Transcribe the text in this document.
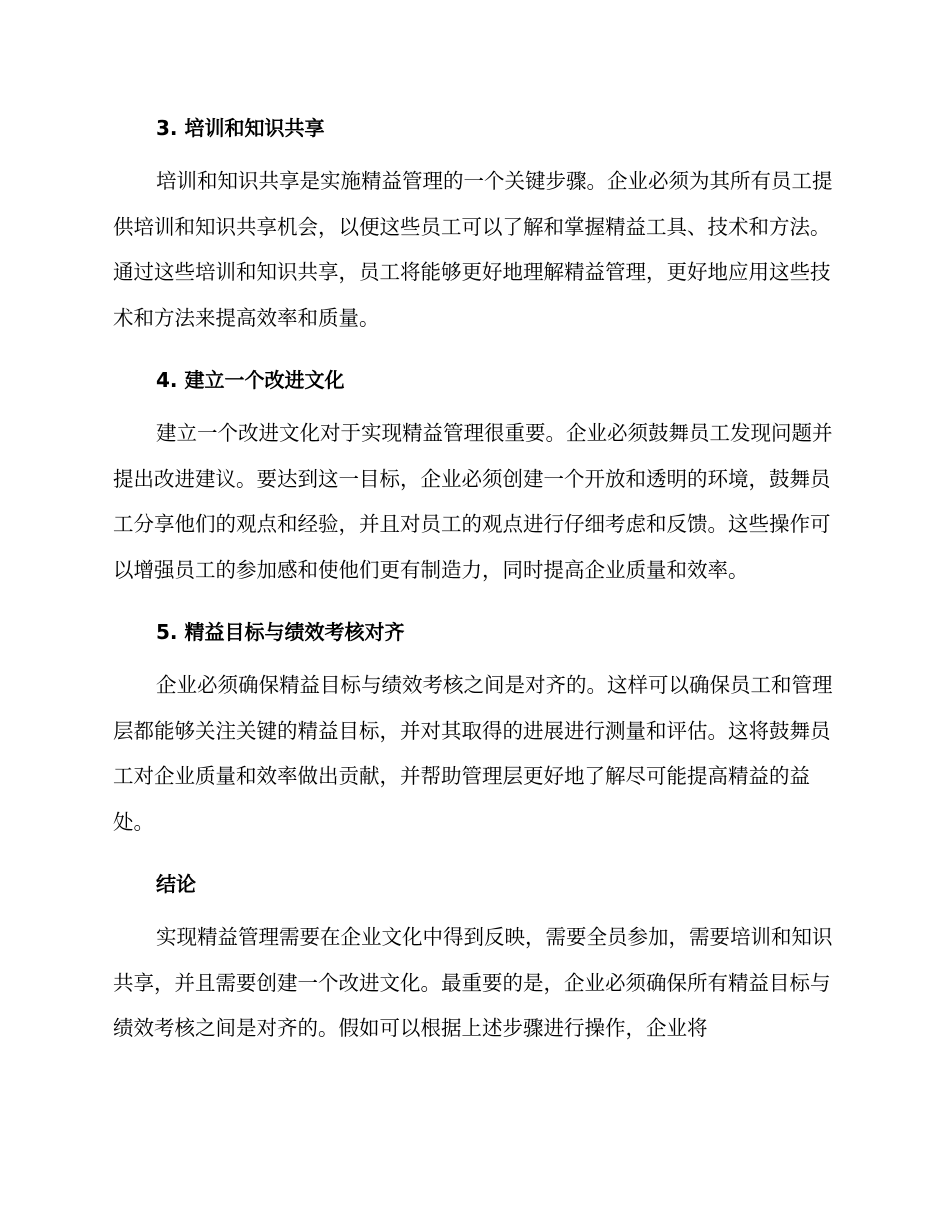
3. 培训和知识共享

培训和知识共享是实施精益管理的一个关键步骤。企业必须为其所有员工提供培训和知识共享机会，以便这些员工可以了解和掌握精益工具、技术和方法。通过这些培训和知识共享，员工将能够更好地理解精益管理，更好地应用这些技术和方法来提高效率和质量。

4. 建立一个改进文化

建立一个改进文化对于实现精益管理很重要。企业必须鼓舞员工发现问题并提出改进建议。要达到这一目标，企业必须创建一个开放和透明的环境，鼓舞员工分享他们的观点和经验，并且对员工的观点进行仔细考虑和反馈。这些操作可以增强员工的参加感和使他们更有制造力，同时提高企业质量和效率。

5. 精益目标与绩效考核对齐

企业必须确保精益目标与绩效考核之间是对齐的。这样可以确保员工和管理层都能够关注关键的精益目标，并对其取得的进展进行测量和评估。这将鼓舞员工对企业质量和效率做出贡献，并帮助管理层更好地了解尽可能提高精益的益处。

结论

实现精益管理需要在企业文化中得到反映，需要全员参加，需要培训和知识共享，并且需要创建一个改进文化。最重要的是，企业必须确保所有精益目标与绩效考核之间是对齐的。假如可以根据上述步骤进行操作，企业将
